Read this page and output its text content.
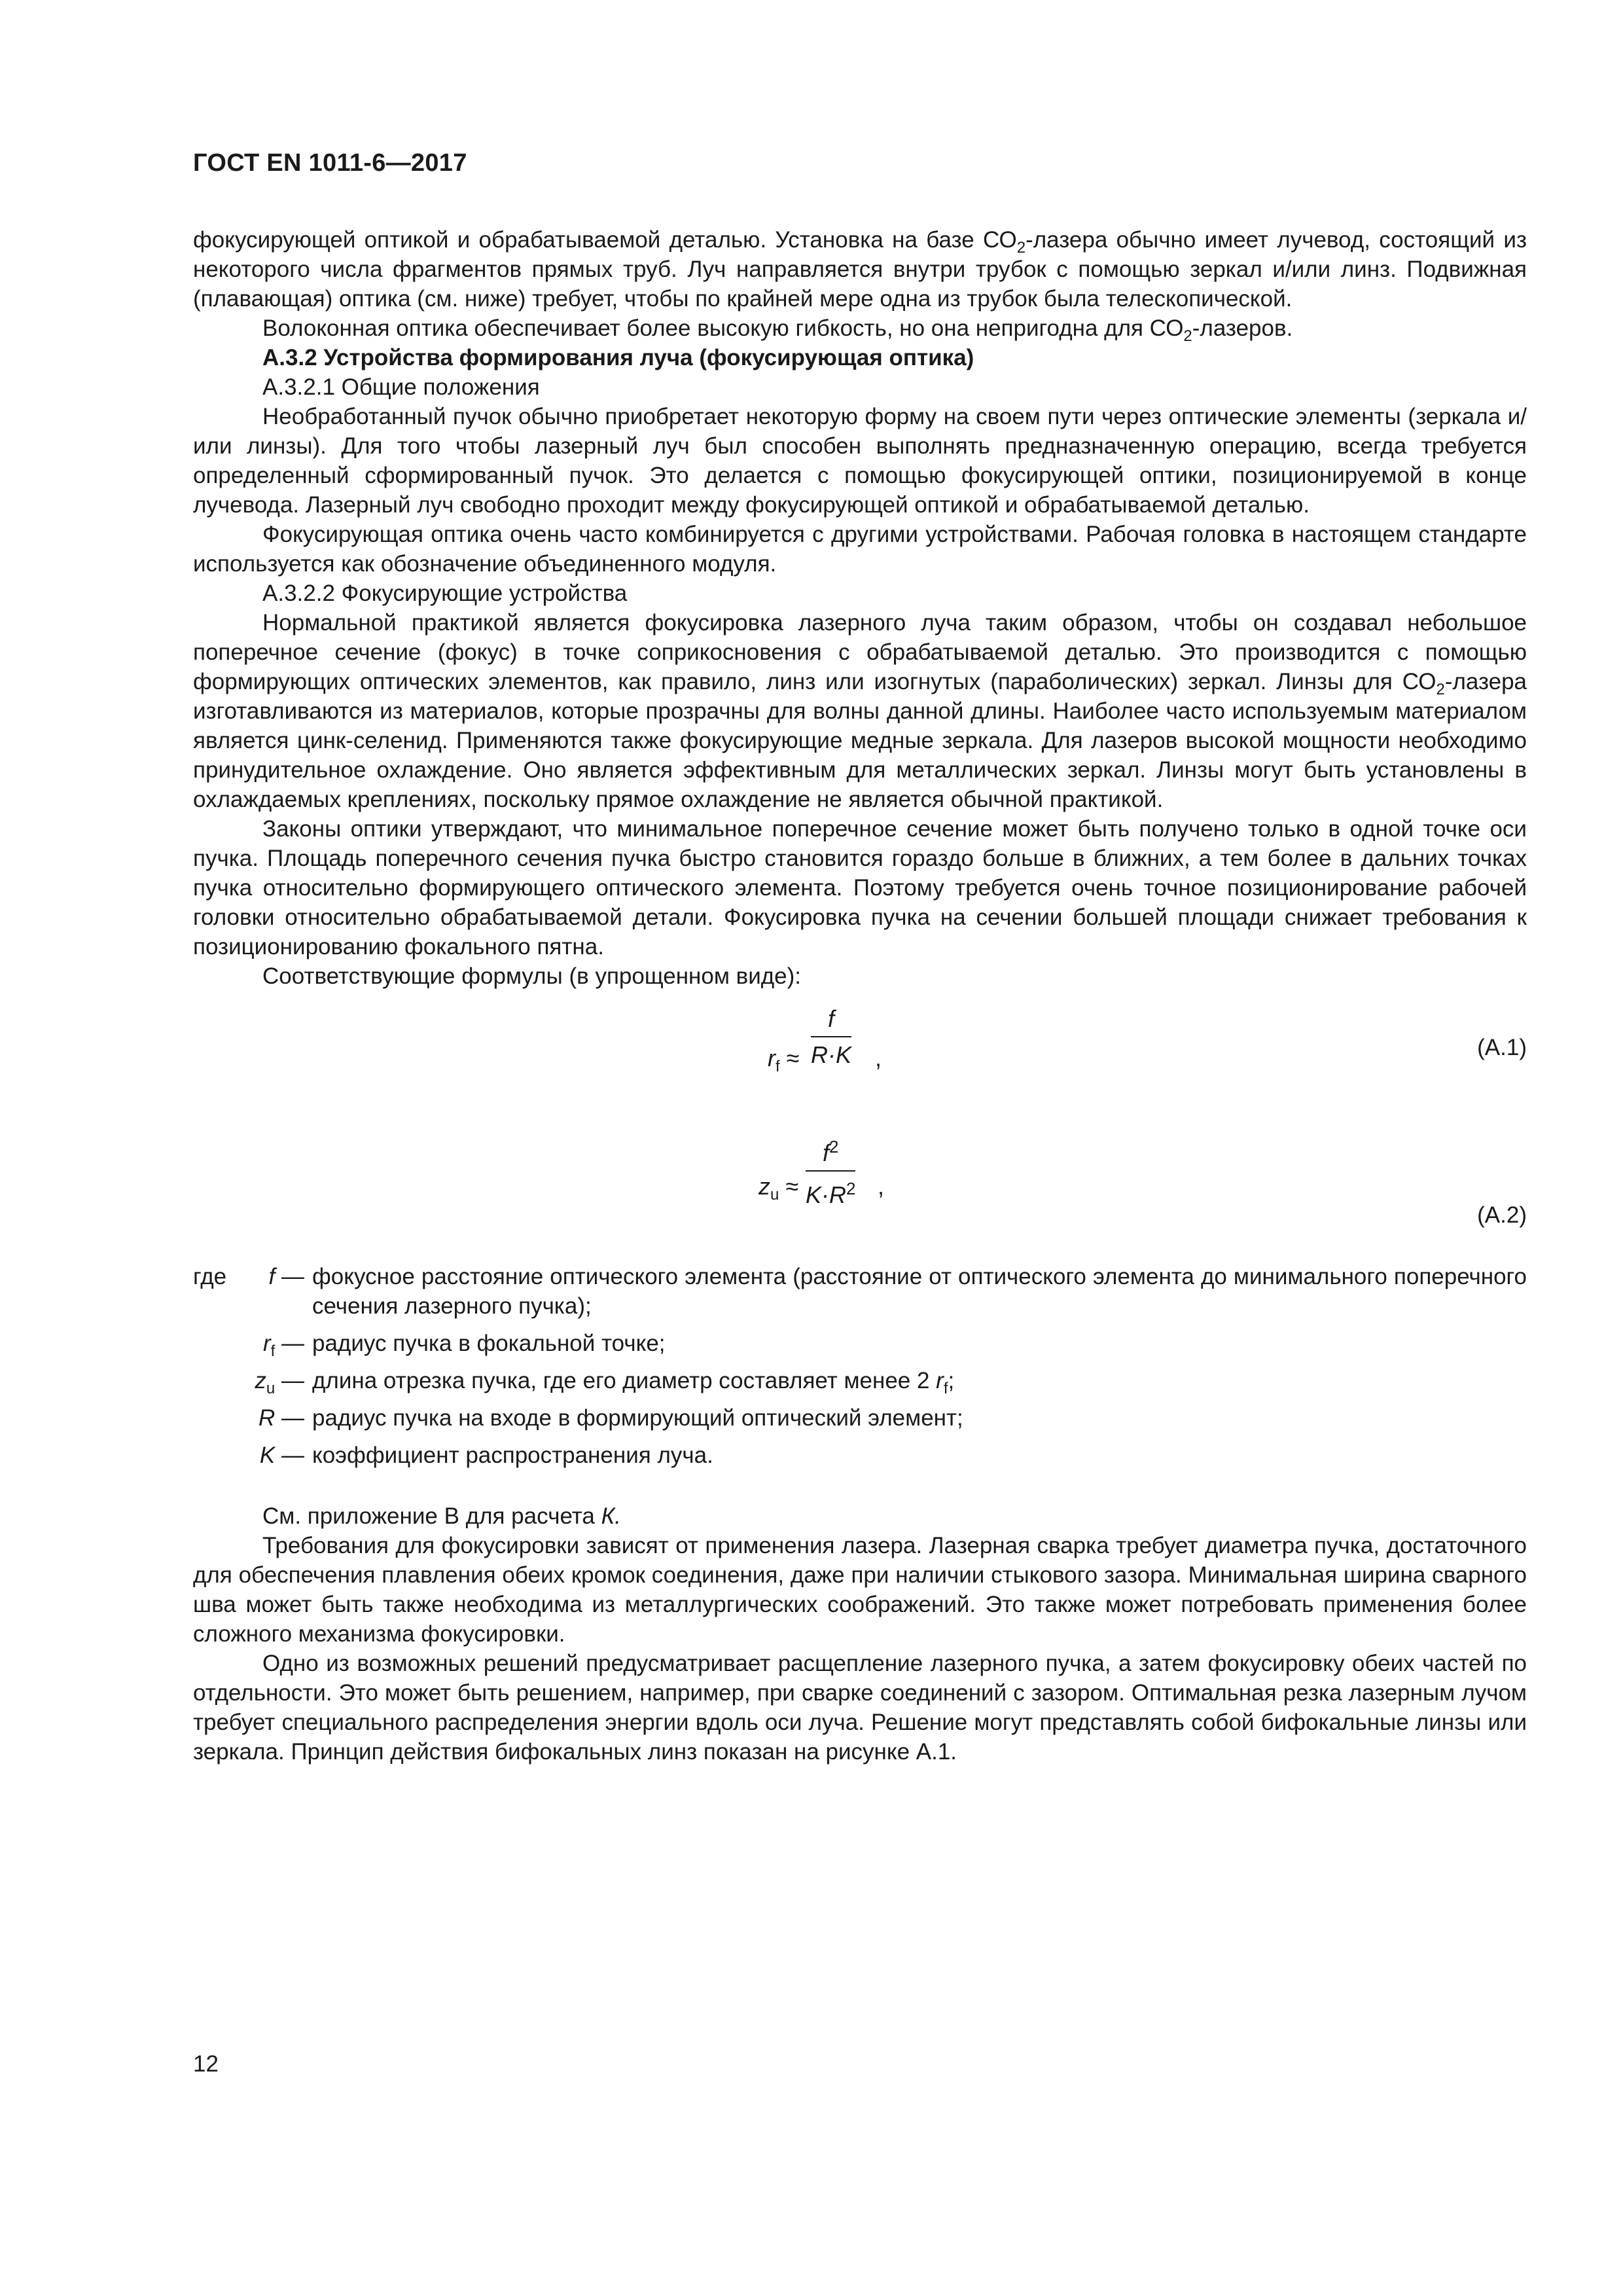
ГОСТ EN 1011-6—2017

фокусирующей оптикой и обрабатываемой деталью. Установка на базе $СО_2$-лазера обычно имеет лучевод, состоящий из некоторого числа фрагментов прямых труб. Луч направляется внутри трубок с помощью зеркал и/или линз. Подвижная (плавающая) оптика (см. ниже) требует, чтобы по крайней мере одна из трубок была телескопической.

Волоконная оптика обеспечивает более высокую гибкость, но она непригодна для $СО_2$-лазеров.

А.3.2 Устройства формирования луча (фокусирующая оптика)

А.3.2.1 Общие положения

Необработанный пучок обычно приобретает некоторую форму на своем пути через оптические элементы (зеркала и/или линзы). Для того чтобы лазерный луч был способен выполнять предназначенную операцию, всегда требуется определенный сформированный пучок. Это делается с помощью фокусирующей оптики, позиционируемой в конце лучевода. Лазерный луч свободно проходит между фокусирующей оптикой и обрабатываемой деталью.

Фокусирующая оптика очень часто комбинируется с другими устройствами. Рабочая головка в настоящем стандарте используется как обозначение объединенного модуля.

А.3.2.2 Фокусирующие устройства

Нормальной практикой является фокусировка лазерного луча таким образом, чтобы он создавал небольшое поперечное сечение (фокус) в точке соприкосновения с обрабатываемой деталью. Это производится с помощью формирующих оптических элементов, как правило, линз или изогнутых (параболических) зеркал. Линзы для $СО_2$-лазера изготавливаются из материалов, которые прозрачны для волны данной длины. Наиболее часто используемым материалом является цинк-селенид. Применяются также фокусирующие медные зеркала. Для лазеров высокой мощности необходимо принудительное охлаждение. Оно является эффективным для металлических зеркал. Линзы могут быть установлены в охлаждаемых креплениях, поскольку прямое охлаждение не является обычной практикой.

Законы оптики утверждают, что минимальное поперечное сечение может быть получено только в одной точке оси пучка. Площадь поперечного сечения пучка быстро становится гораздо больше в ближних, а тем более в дальних точках пучка относительно формирующего оптического элемента. Поэтому требуется очень точное позиционирование рабочей головки относительно обрабатываемой детали. Фокусировка пучка на сечении большей площади снижает требования к позиционированию фокального пятна.

Соответствующие формулы (в упрощенном виде):

$r_f \approx \frac{f}{R\cdot K}$ ,	(А.1)
$z_u \approx \frac{f^2}{K\cdot R^2}$ ,
(А.2)
где	f — фокусное расстояние оптического элемента (расстояние от оптического элемента до минимального поперечного сечения лазерного пучка);
$r_f$ — радиус пучка в фокальной точке;
$z_u$ — длина отрезка пучка, где его диаметр составляет менее 2 $r_f$;
R — радиус пучка на входе в формирующий оптический элемент;
K — коэффициент распространения луча.

См. приложение В для расчета К.

Требования для фокусировки зависят от применения лазера. Лазерная сварка требует диаметра пучка, достаточного для обеспечения плавления обеих кромок соединения, даже при наличии стыкового зазора. Минимальная ширина сварного шва может быть также необходима из металлургических соображений. Это также может потребовать применения более сложного механизма фокусировки.

Одно из возможных решений предусматривает расщепление лазерного пучка, а затем фокусировку обеих частей по отдельности. Это может быть решением, например, при сварке соединений с зазором. Оптимальная резка лазерным лучом требует специального распределения энергии вдоль оси луча. Решение могут представлять собой бифокальные линзы или зеркала. Принцип действия бифокальных линз показан на рисунке А.1.

12
